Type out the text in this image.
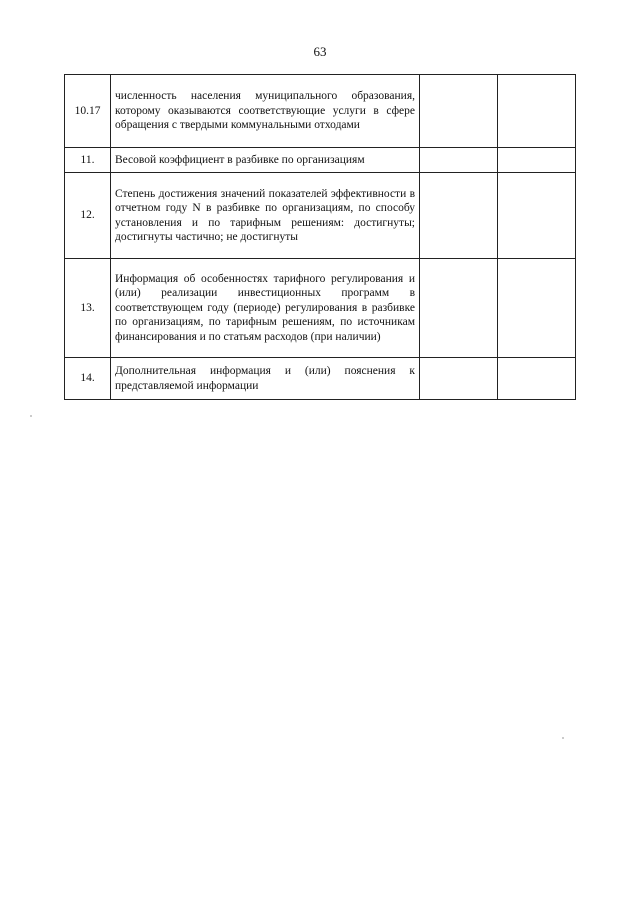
63
10.17	численность населения муниципального образования, которому оказываются соответствующие услуги в сфере обращения с твердыми коммунальными отходами		
11.	Весовой коэффициент в разбивке по организациям		
12.	Степень достижения значений показателей эффективности в отчетном году N в разбивке по организациям, по способу установления и по тарифным решениям: достигнуты; достигнуты частично; не достигнуты		
13.	Информация об особенностях тарифного регулирования и (или) реализации инвестиционных программ в соответствующем году (периоде) регулирования в разбивке по организациям, по тарифным решениям, по источникам финансирования и по статьям расходов (при наличии)		
14.	Дополнительная информация и (или) пояснения к представляемой информации		
